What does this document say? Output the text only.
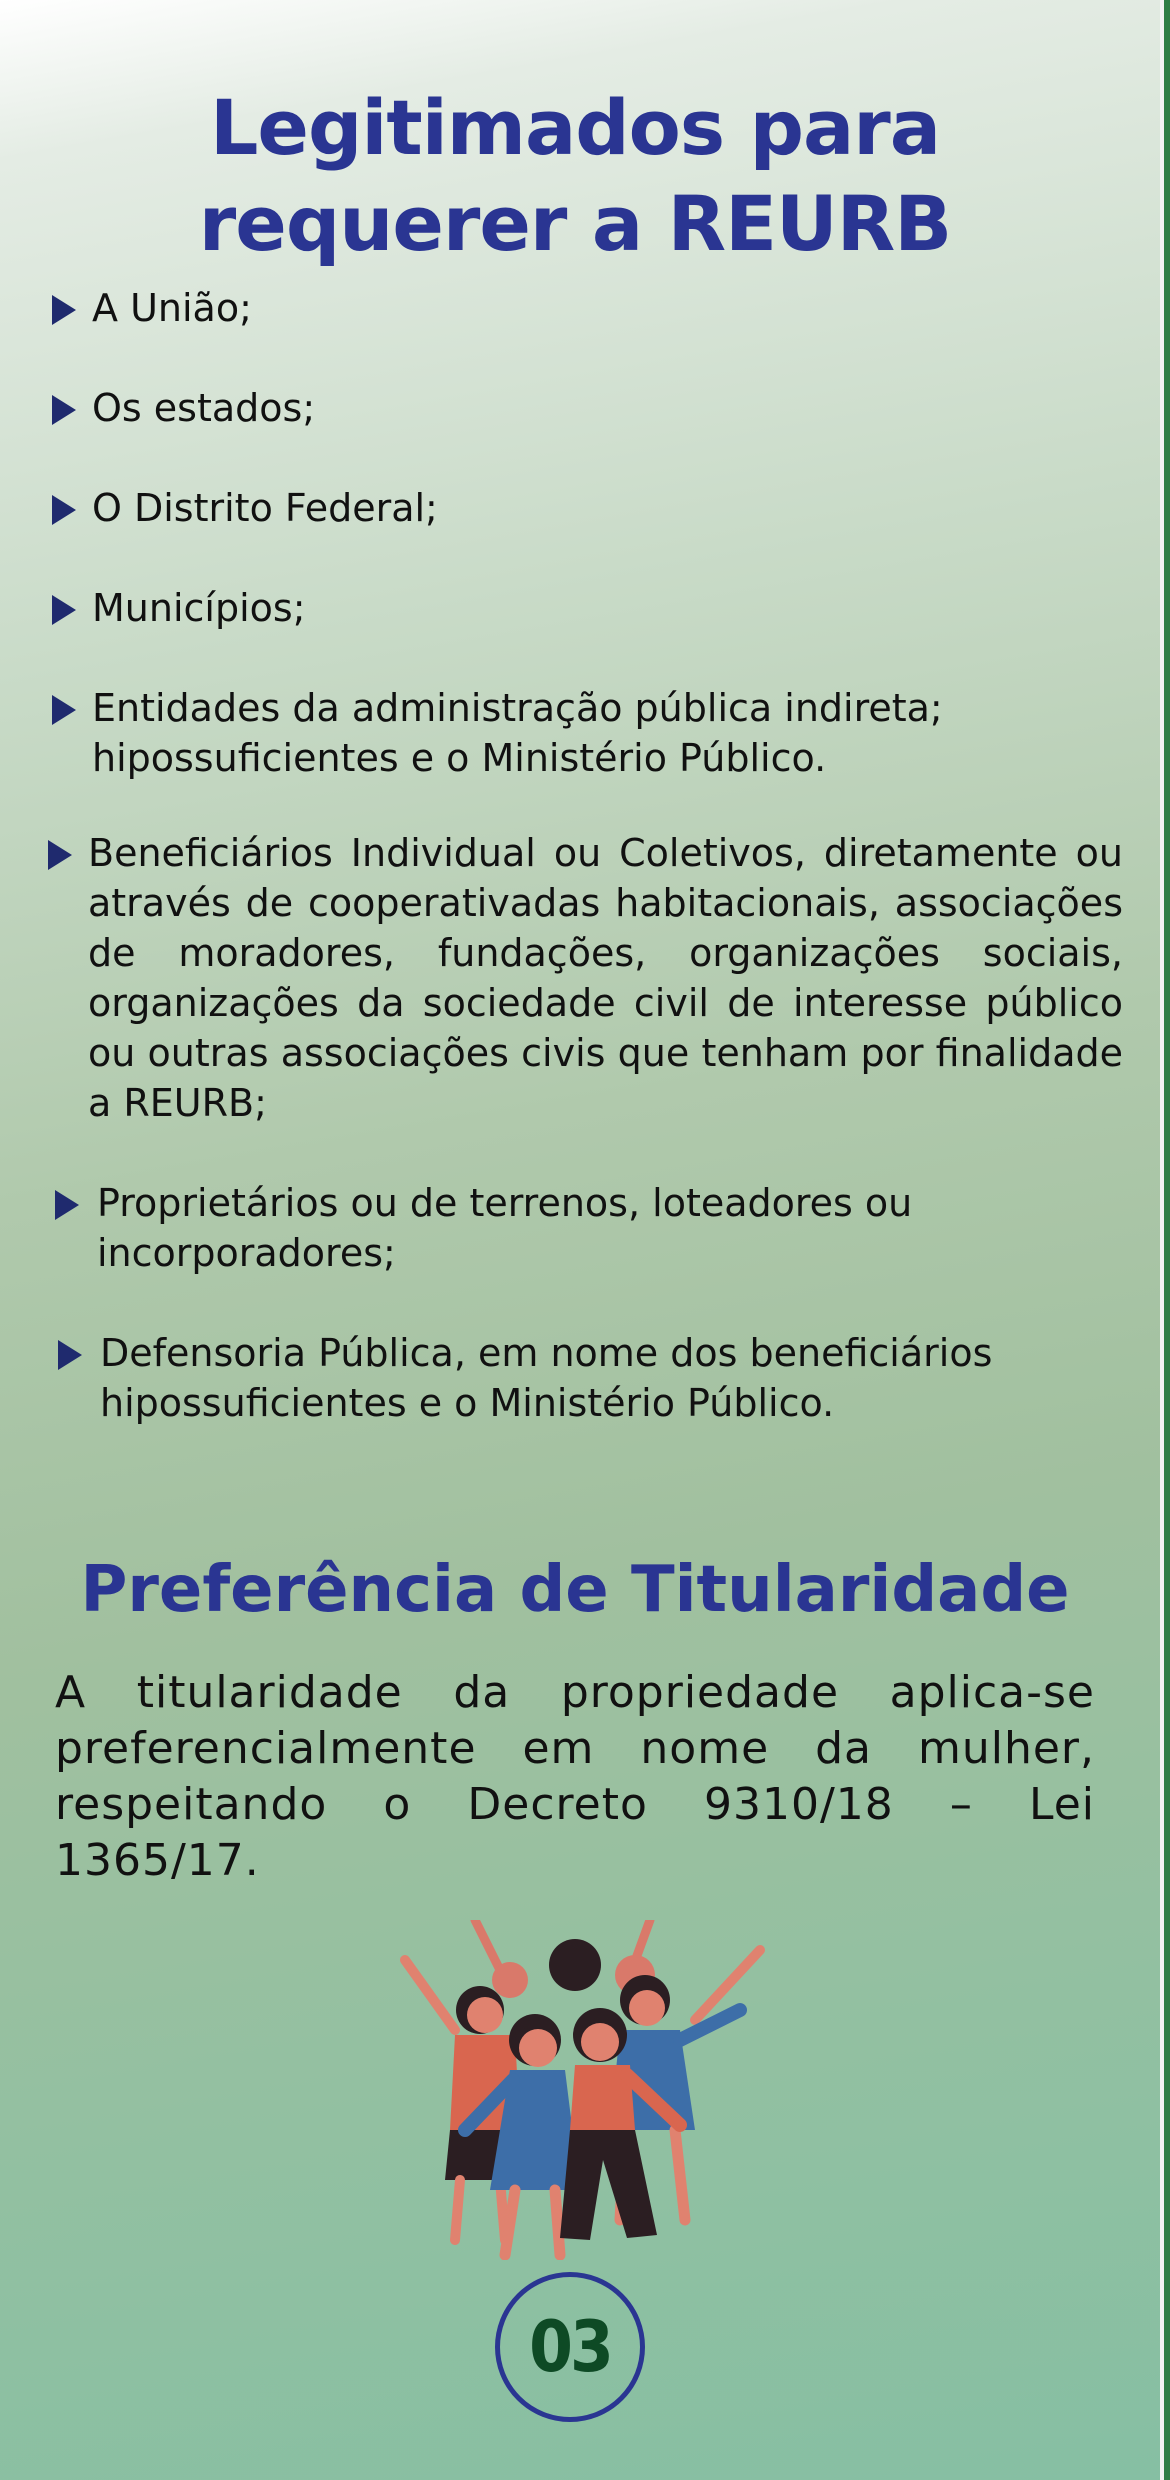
Legitimados para requerer a REURB
A União;
Os estados;
O Distrito Federal;
Municípios;
Entidades da administração pública indireta; hipossuficientes e o Ministério Público.
Beneficiários Individual ou Coletivos, diretamente ou através de cooperativadas habitacionais, associações de moradores, fundações, organizações sociais, organizações da sociedade civil de interesse público ou outras associações civis que tenham por finalidade a REURB;
Proprietários ou de terrenos, loteadores ou incorporadores;
Defensoria Pública, em nome dos beneficiários hipossuficientes e o Ministério Público.
Preferência de Titularidade

A titularidade da propriedade aplica-se preferencialmente em nome da mulher, respeitando o Decreto 9310/18 – Lei 1365/17.

03
